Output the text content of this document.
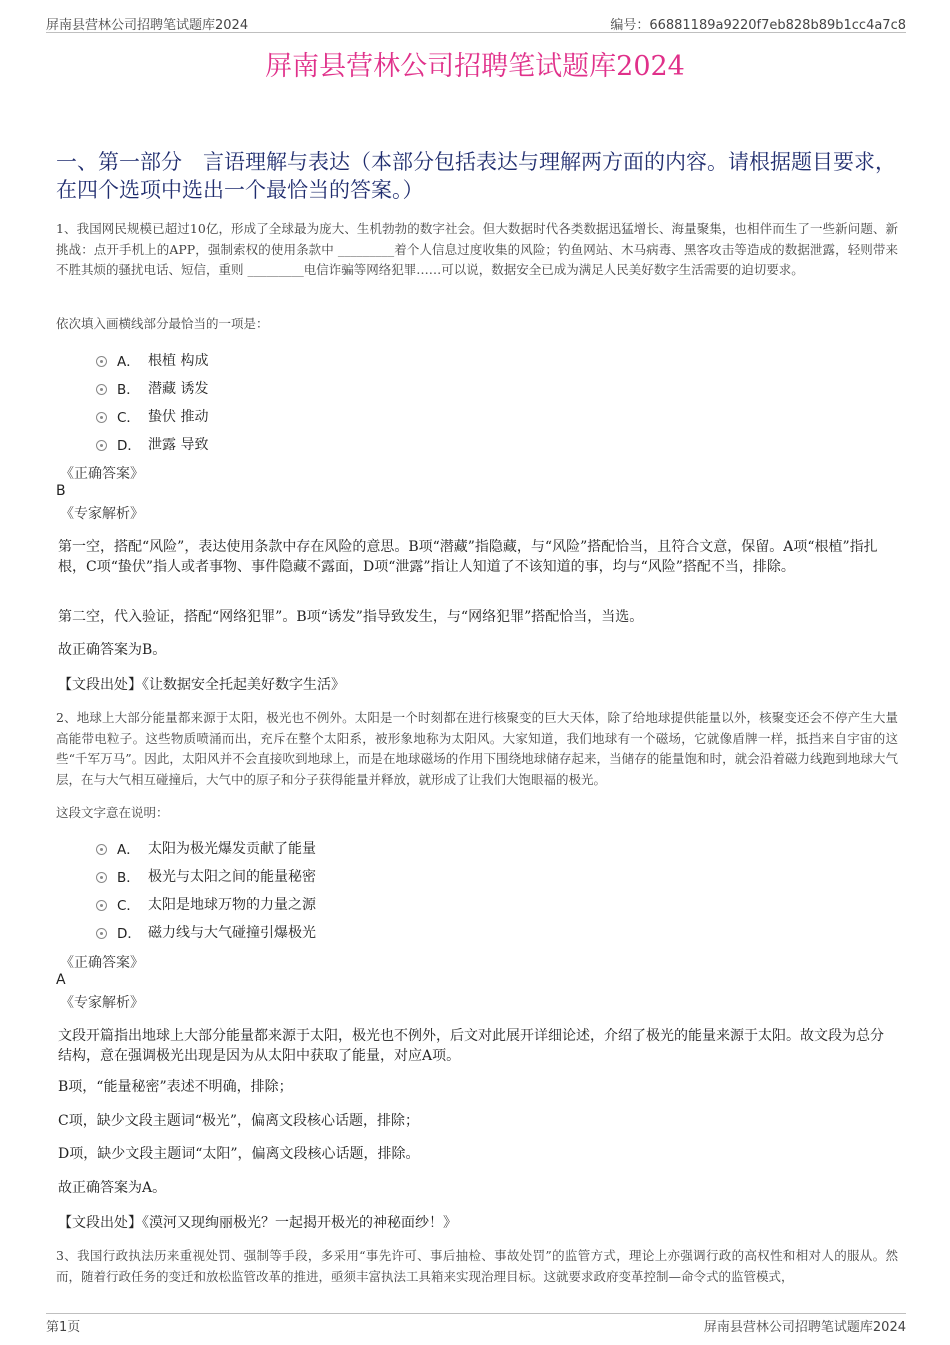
屏南县营林公司招聘笔试题库2024	编号：66881189a9220f7eb828b89b1cc4a7c8
屏南县营林公司招聘笔试题库2024
一、第一部分　言语理解与表达（本部分包括表达与理解两方面的内容。请根据题目要求，在四个选项中选出一个最恰当的答案。）
1、我国网民规模已超过10亿，形成了全球最为庞大、生机勃勃的数字社会。但大数据时代各类数据迅猛增长、海量聚集，也相伴而生了一些新问题、新挑战：点开手机上的APP，强制索权的使用条款中 _________着个人信息过度收集的风险；钓鱼网站、木马病毒、黑客攻击等造成的数据泄露，轻则带来不胜其烦的骚扰电话、短信，重则 _________电信诈骗等网络犯罪……可以说，数据安全已成为满足人民美好数字生活需要的迫切要求。
依次填入画横线部分最恰当的一项是：
A． 根植 构成
B． 潜藏 诱发
C． 蛰伏 推动
D． 泄露 导致
《正确答案》
B
《专家解析》
第一空，搭配“风险”，表达使用条款中存在风险的意思。B项“潜藏”指隐藏，与“风险”搭配恰当，且符合文意，保留。A项“根植”指扎根，C项“蛰伏”指人或者事物、事件隐藏不露面，D项“泄露”指让人知道了不该知道的事，均与“风险”搭配不当，排除。
第二空，代入验证，搭配“网络犯罪”。B项“诱发”指导致发生，与“网络犯罪”搭配恰当，当选。
故正确答案为B。
【文段出处】《让数据安全托起美好数字生活》
2、地球上大部分能量都来源于太阳，极光也不例外。太阳是一个时刻都在进行核聚变的巨大天体，除了给地球提供能量以外，核聚变还会不停产生大量高能带电粒子。这些物质喷涌而出，充斥在整个太阳系，被形象地称为太阳风。大家知道，我们地球有一个磁场，它就像盾牌一样，抵挡来自宇宙的这些“千军万马”。因此，太阳风并不会直接吹到地球上，而是在地球磁场的作用下围绕地球储存起来，当储存的能量饱和时，就会沿着磁力线跑到地球大气层，在与大气相互碰撞后，大气中的原子和分子获得能量并释放，就形成了让我们大饱眼福的极光。
这段文字意在说明：
A． 太阳为极光爆发贡献了能量
B． 极光与太阳之间的能量秘密
C． 太阳是地球万物的力量之源
D． 磁力线与大气碰撞引爆极光
《正确答案》
A
《专家解析》
文段开篇指出地球上大部分能量都来源于太阳，极光也不例外，后文对此展开详细论述，介绍了极光的能量来源于太阳。故文段为总分结构，意在强调极光出现是因为从太阳中获取了能量，对应A项。
B项，“能量秘密”表述不明确，排除；
C项，缺少文段主题词“极光”，偏离文段核心话题，排除；
D项，缺少文段主题词“太阳”，偏离文段核心话题，排除。
故正确答案为A。
【文段出处】《漠河又现绚丽极光？一起揭开极光的神秘面纱！》
3、我国行政执法历来重视处罚、强制等手段，多采用“事先许可、事后抽检、事故处罚”的监管方式，理论上亦强调行政的高权性和相对人的服从。然而，随着行政任务的变迁和放松监管改革的推进，亟须丰富执法工具箱来实现治理目标。这就要求政府变革控制—命令式的监管模式，
第1页	屏南县营林公司招聘笔试题库2024
